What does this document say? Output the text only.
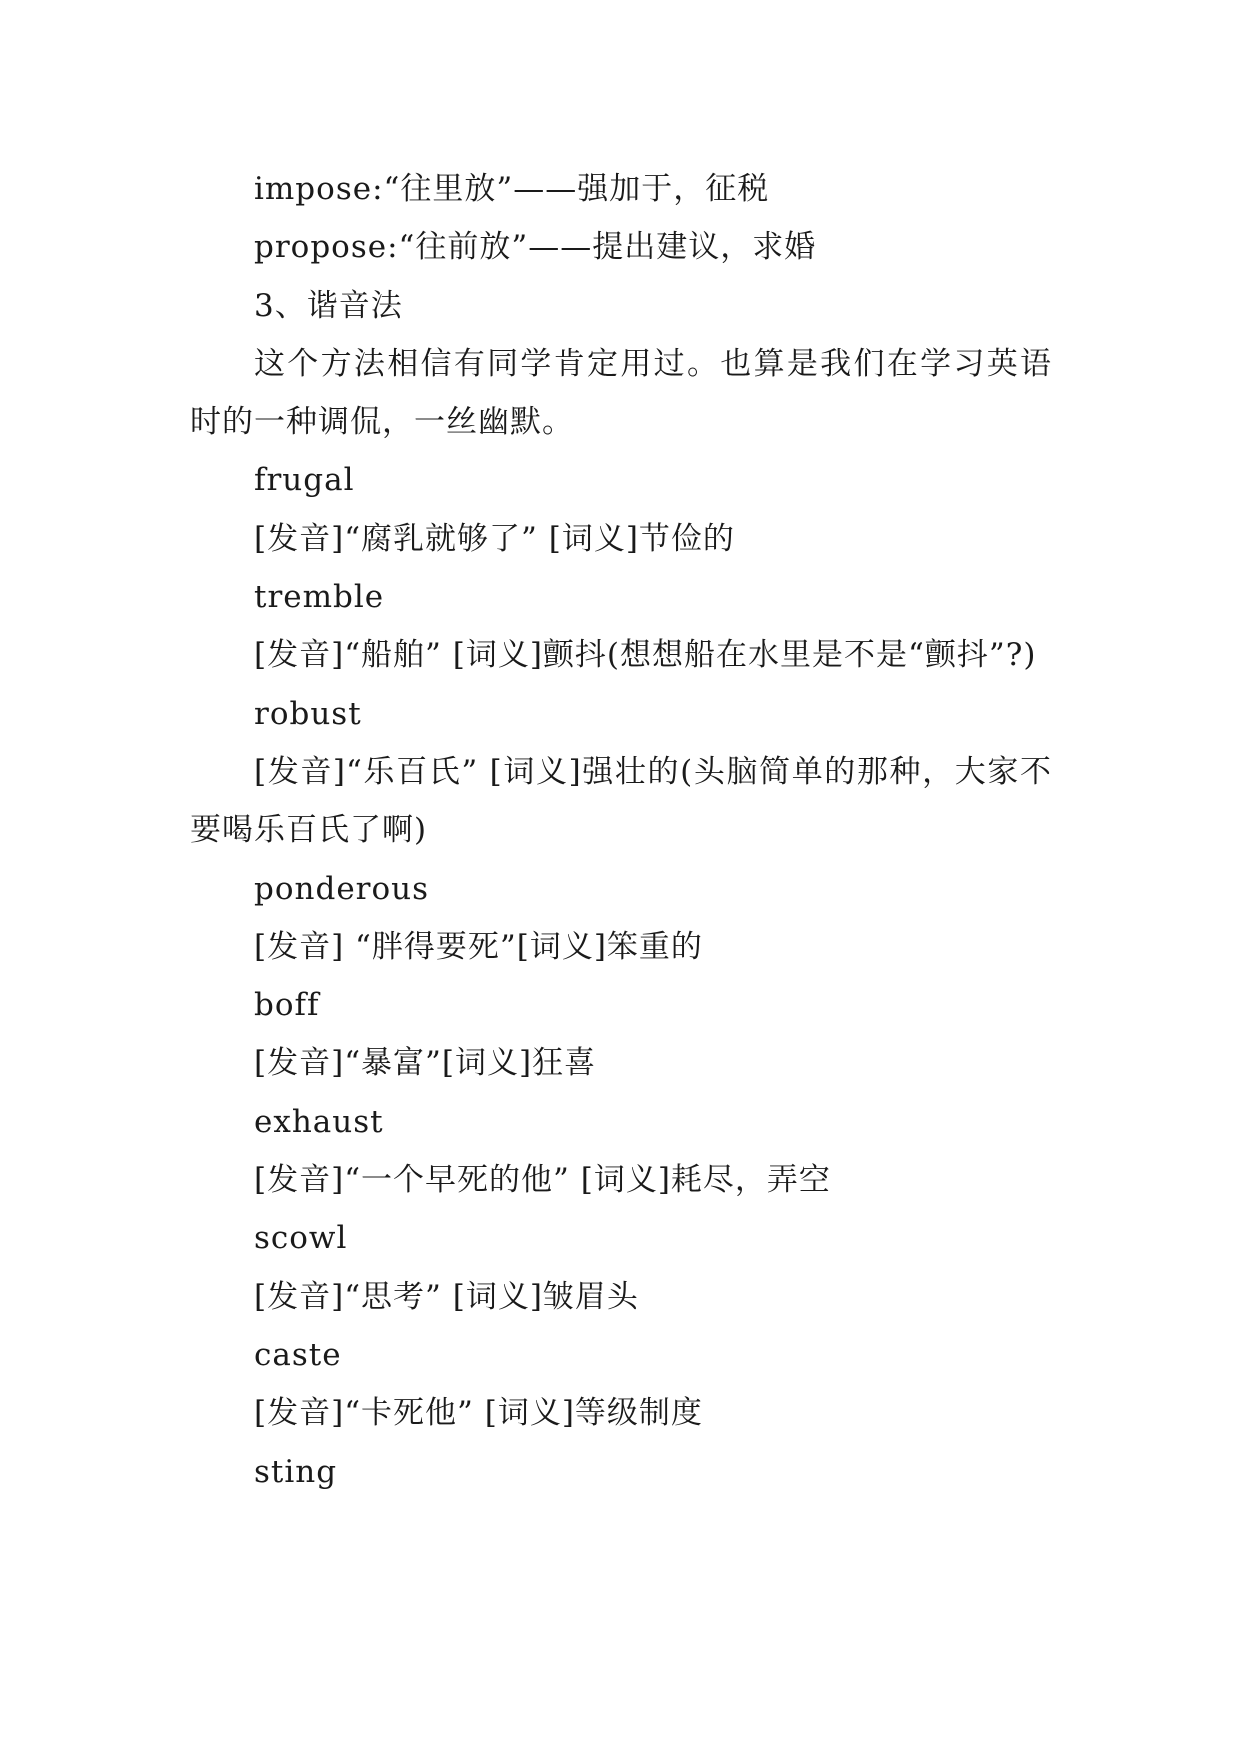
impose:“往里放”——强加于，征税

propose:“往前放”——提出建议，求婚

3、谐音法

这个方法相信有同学肯定用过。也算是我们在学习英语时的一种调侃，一丝幽默。

frugal

[发音]“腐乳就够了” [词义]节俭的

tremble

[发音]“船舶” [词义]颤抖(想想船在水里是不是“颤抖”?)

robust

[发音]“乐百氏” [词义]强壮的(头脑简单的那种，大家不要喝乐百氏了啊)

ponderous

[发音] “胖得要死”[词义]笨重的

boff

[发音]“暴富”[词义]狂喜

exhaust

[发音]“一个早死的他” [词义]耗尽，弄空

scowl

[发音]“思考” [词义]皱眉头

caste

[发音]“卡死他” [词义]等级制度

sting
